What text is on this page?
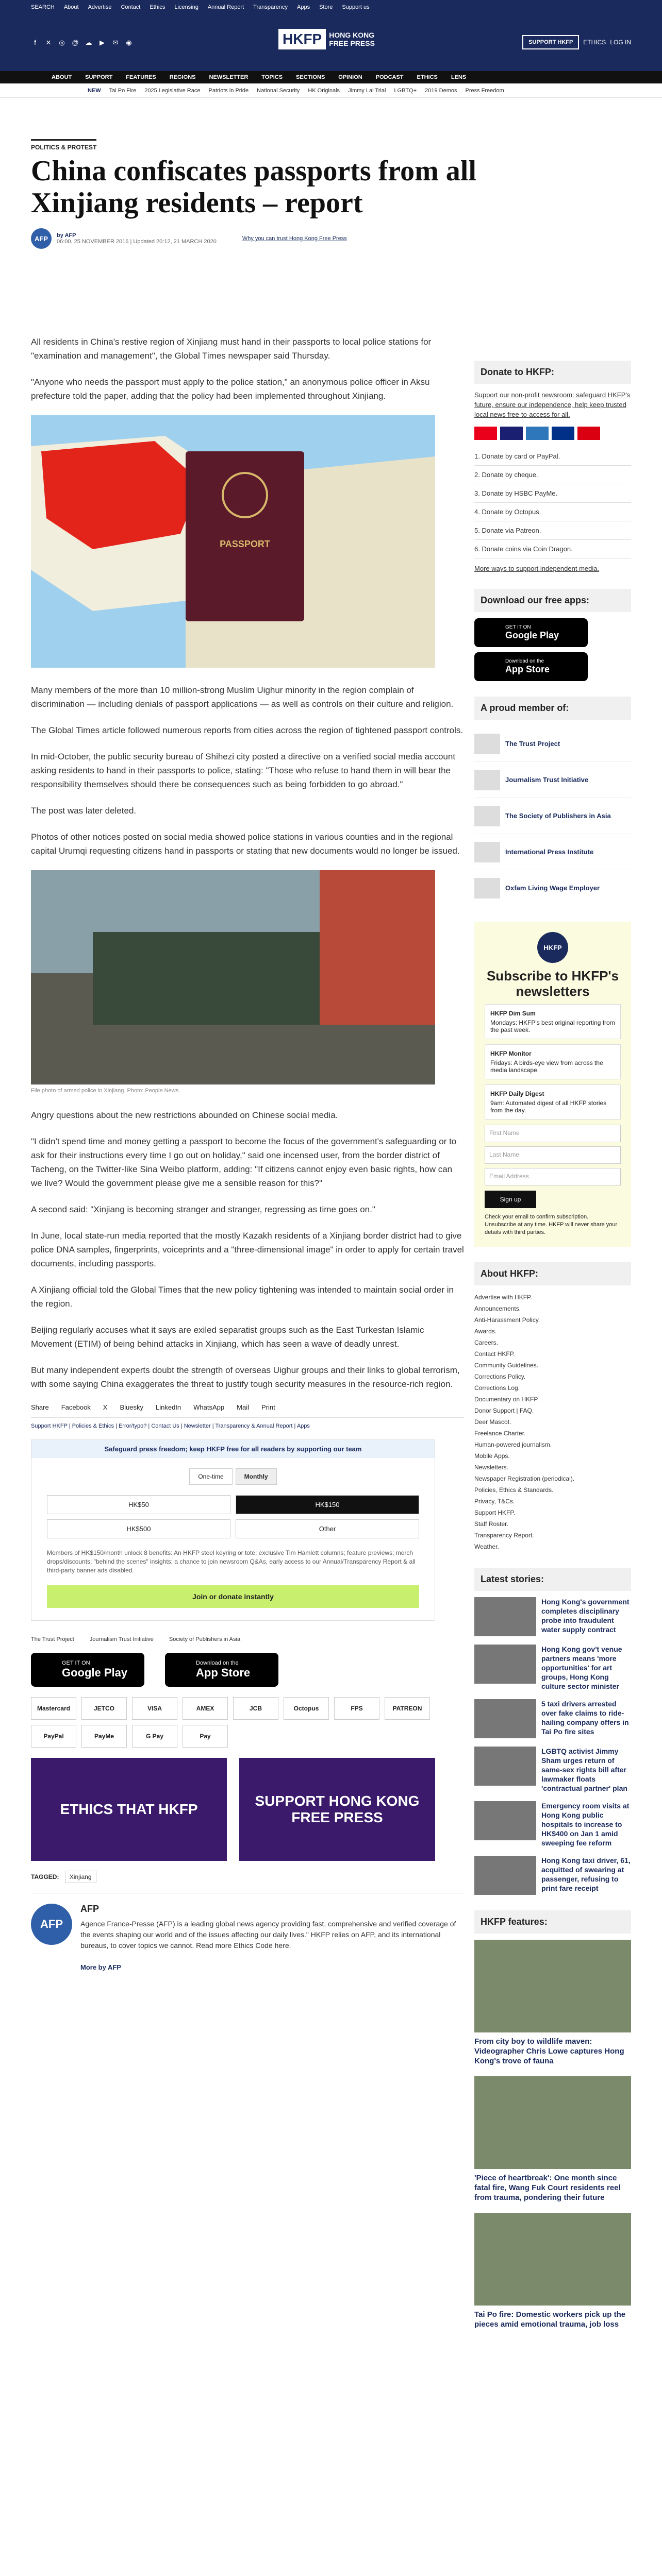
SEARCH About Advertise Contact Ethics Licensing Annual Report Transparency Apps Store Support us
f	✕ ◎ @ ☁ ▶ ✉ ◉	HKFP	HONG KONG
FREE PRESS	SUPPORT HKFP	ETHICS LOG IN
ABOUT SUPPORT FEATURES REGIONS NEWSLETTER TOPICS SECTIONS OPINION PODCAST ETHICS LENS
NEW Tai Po Fire 2025 Legislative Race Patriots in Pride National Security HK Originals Jimmy Lai Trial LGBTQ+ 2019 Demos Press Freedom
POLITICS & PROTEST
China confiscates passports from all Xinjiang residents – report
AFP	by AFP
06:00, 25 NOVEMBER 2016 | Updated 20:12, 21 MARCH 2020	Why you can trust Hong Kong Free Press

All residents in China's restive region of Xinjiang must hand in their passports to local police stations for "examination and management", the Global Times newspaper said Thursday.

"Anyone who needs the passport must apply to the police station," an anonymous police officer in Aksu prefecture told the paper, adding that the policy had been implemented throughout Xinjiang.

PASSPORT

Many members of the more than 10 million-strong Muslim Uighur minority in the region complain of discrimination — including denials of passport applications — as well as controls on their culture and religion.

The Global Times article followed numerous reports from cities across the region of tightened passport controls.

In mid-October, the public security bureau of Shihezi city posted a directive on a verified social media account asking residents to hand in their passports to police, stating: "Those who refuse to hand them in will bear the responsibility themselves should there be consequences such as being forbidden to go abroad."

The post was later deleted.

Photos of other notices posted on social media showed police stations in various counties and in the regional capital Urumqi requesting citizens hand in passports or stating that new documents would no longer be issued.

File photo of armed police in Xinjiang. Photo: People News.

Angry questions about the new restrictions abounded on Chinese social media.

"I didn't spend time and money getting a passport to become the focus of the government's safeguarding or to ask for their instructions every time I go out on holiday," said one incensed user, from the border district of Tacheng, on the Twitter-like Sina Weibo platform, adding: "If citizens cannot enjoy even basic rights, how can we live? Would the government please give me a sensible reason for this?"

A second said: "Xinjiang is becoming stranger and stranger, regressing as time goes on."

In June, local state-run media reported that the mostly Kazakh residents of a Xinjiang border district had to give police DNA samples, fingerprints, voiceprints and a "three-dimensional image" in order to apply for certain travel documents, including passports.

A Xinjiang official told the Global Times that the new policy tightening was intended to maintain social order in the region.

Beijing regularly accuses what it says are exiled separatist groups such as the East Turkestan Islamic Movement (ETIM) of being behind attacks in Xinjiang, which has seen a wave of deadly unrest.

But many independent experts doubt the strength of overseas Uighur groups and their links to global terrorism, with some saying China exaggerates the threat to justify tough security measures in the resource-rich region.

Share Facebook X Bluesky LinkedIn WhatsApp Mail Print
Support HKFP | Policies & Ethics | Error/typo? | Contact Us | Newsletter | Transparency & Annual Report | Apps
Safeguard press freedom; keep HKFP free for all readers by supporting our team
One-time	Monthly
HK$50	HK$150
HK$500	Other
Members of HK$150/month unlock 8 benefits: An HKFP steel keyring or tote; exclusive Tim Hamlett columns; feature previews; merch drops/discounts; "behind the scenes" insights; a chance to join newsroom Q&As, early access to our Annual/Transparency Report & all third-party banner ads disabled.
Join or donate instantly
The Trust Project	Journalism Trust Initiative	Society of Publishers in Asia
GET IT ON
Google Play
Download on the
App Store
Mastercard	JETCO	VISA	AMEX	JCB	Octopus	FPS	PATREON
PayPal	PayMe	G Pay	Pay
ETHICS THAT HKFP
SUPPORT HONG KONG FREE PRESS
TAGGED: Xinjiang
AFP
AFP

Agence France-Presse (AFP) is a leading global news agency providing fast, comprehensive and verified coverage of the events shaping our world and of the issues affecting our daily lives." HKFP relies on AFP, and its international bureaus, to cover topics we cannot. Read more Ethics Code here.

More by AFP
Donate to HKFP:

Support our non-profit newsroom: safeguard HKFP's future, ensure our independence, help keep trusted local news free-to-access for all.

1. Donate by card or PayPal.
2. Donate by cheque.
3. Donate by HSBC PayMe.
4. Donate by Octopus.
5. Donate via Patreon.
6. Donate coins via Coin Dragon.

More ways to support independent media.

Download our free apps:
GET IT ON
Google Play
Download on the
App Store
A proud member of:
The Trust Project
Journalism Trust Initiative
The Society of Publishers in Asia
International Press Institute
Oxfam Living Wage Employer
HKFP
Subscribe to HKFP's newsletters
HKFP Dim Sum
Mondays: HKFP's best original reporting from the past week.
HKFP Monitor
Fridays: A birds-eye view from across the media landscape.
HKFP Daily Digest
9am: Automated digest of all HKFP stories from the day.
First Name
Last Name
Email Address
Sign up

Check your email to confirm subscription. Unsubscribe at any time. HKFP will never share your details with third parties.

About HKFP:
Advertise with HKFP.
Announcements.
Anti-Harassment Policy.
Awards.
Careers.
Contact HKFP.
Community Guidelines.
Corrections Policy.
Corrections Log.
Documentary on HKFP.
Donor Support | FAQ.
Deer Mascot.
Freelance Charter.
Human-powered journalism.
Mobile Apps.
Newsletters.
Newspaper Registration (periodical).
Policies, Ethics & Standards.
Privacy, T&Cs.
Support HKFP.
Staff Roster.
Transparency Report.
Weather.
Latest stories:
Hong Kong's government completes disciplinary probe into fraudulent water supply contract
Hong Kong gov't venue partners means 'more opportunities' for art groups, Hong Kong culture sector minister
5 taxi drivers arrested over fake claims to ride-hailing company offers in Tai Po fire sites
LGBTQ activist Jimmy Sham urges return of same-sex rights bill after lawmaker floats 'contractual partner' plan
Emergency room visits at Hong Kong public hospitals to increase to HK$400 on Jan 1 amid sweeping fee reform
Hong Kong taxi driver, 61, acquitted of swearing at passenger, refusing to print fare receipt
HKFP features:
From city boy to wildlife maven: Videographer Chris Lowe captures Hong Kong's trove of fauna
'Piece of heartbreak': One month since fatal fire, Wang Fuk Court residents reel from trauma, pondering their future
Tai Po fire: Domestic workers pick up the pieces amid emotional trauma, job loss
